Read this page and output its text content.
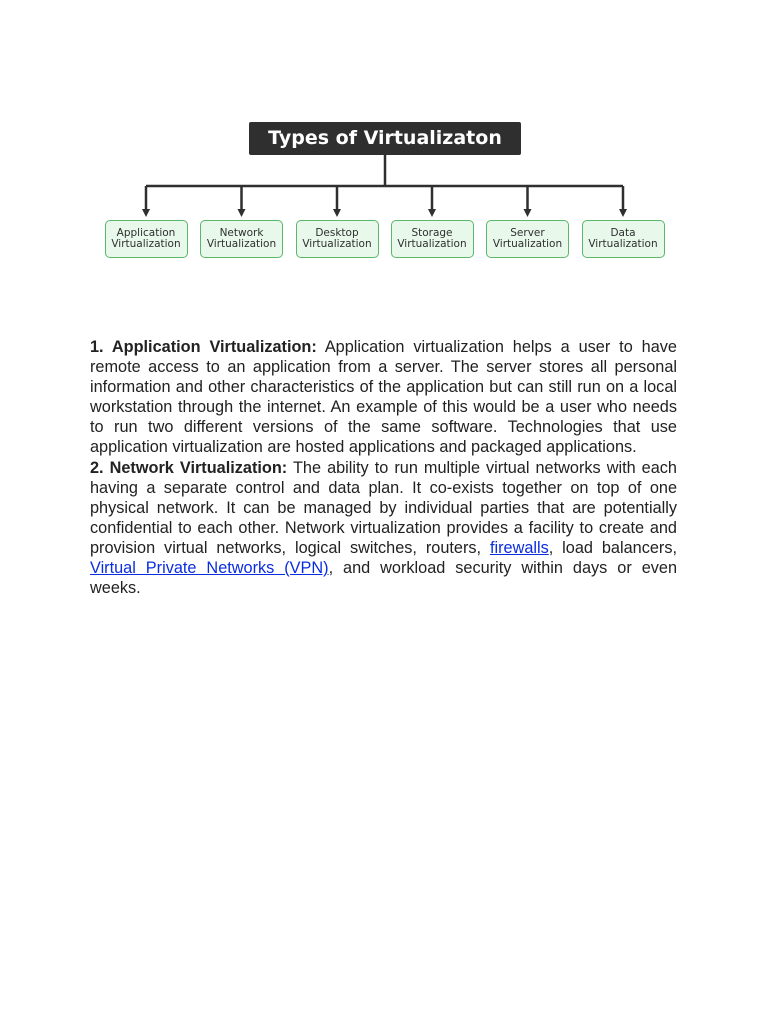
Types of Virtualizaton
Application
Virtualization
Network
Virtualization
Desktop
Virtualization
Storage
Virtualization
Server
Virtualization
Data
Virtualization

1. Application Virtualization: Application virtualization helps a user to have remote access to an application from a server. The server stores all personal information and other characteristics of the application but can still run on a local workstation through the internet. An example of this would be a user who needs to run two different versions of the same software. Technologies that use application virtualization are hosted applications and packaged applications.

2. Network Virtualization: The ability to run multiple virtual networks with each having a separate control and data plan. It co-exists together on top of one physical network. It can be managed by individual parties that are potentially confidential to each other. Network virtualization provides a facility to create and provision virtual networks, logical switches, routers, firewalls, load balancers, Virtual Private Networks (VPN), and workload security within days or even weeks.
